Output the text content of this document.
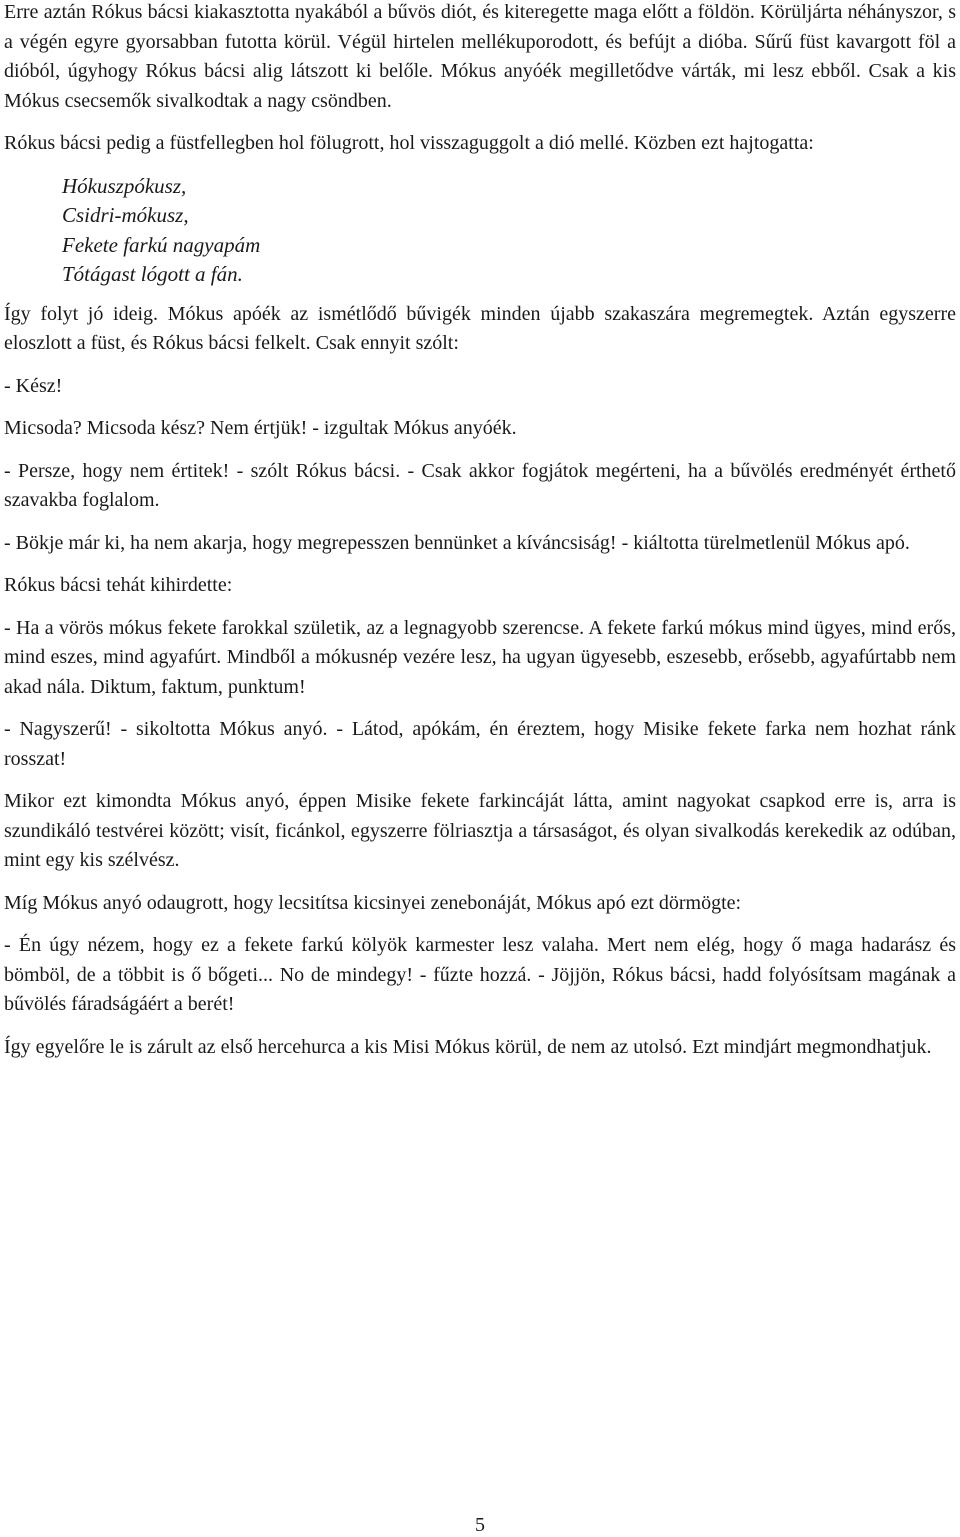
Erre aztán Rókus bácsi kiakasztotta nyakából a bűvös diót, és kiteregette maga előtt a földön. Körüljárta néhányszor, s a végén egyre gyorsabban futotta körül. Végül hirtelen mellékuporodott, és befújt a dióba. Sűrű füst kavargott föl a dióból, úgyhogy Rókus bácsi alig látszott ki belőle. Mókus anyóék megilletődve várták, mi lesz ebből. Csak a kis Mókus csecsemők sivalkodtak a nagy csöndben.

Rókus bácsi pedig a füstfellegben hol fölugrott, hol visszaguggolt a dió mellé. Közben ezt hajtogatta:

Hókuszpókusz,
Csidri-mókusz,
Fekete farkú nagyapám
Tótágast lógott a fán.

Így folyt jó ideig. Mókus apóék az ismétlődő bűvigék minden újabb szakaszára megremegtek. Aztán egyszerre eloszlott a füst, és Rókus bácsi felkelt. Csak ennyit szólt:

- Kész!

Micsoda? Micsoda kész? Nem értjük! - izgultak Mókus anyóék.

- Persze, hogy nem értitek! - szólt Rókus bácsi. - Csak akkor fogjátok megérteni, ha a bűvölés eredményét érthető szavakba foglalom.

- Bökje már ki, ha nem akarja, hogy megrepesszen bennünket a kíváncsiság! - kiáltotta türelmetlenül Mókus apó.

Rókus bácsi tehát kihirdette:

- Ha a vörös mókus fekete farokkal születik, az a legnagyobb szerencse. A fekete farkú mókus mind ügyes, mind erős, mind eszes, mind agyafúrt. Mindből a mókusnép vezére lesz, ha ugyan ügyesebb, eszesebb, erősebb, agyafúrtabb nem akad nála. Diktum, faktum, punktum!

- Nagyszerű! - sikoltotta Mókus anyó. - Látod, apókám, én éreztem, hogy Misike fekete farka nem hozhat ránk rosszat!

Mikor ezt kimondta Mókus anyó, éppen Misike fekete farkincáját látta, amint nagyokat csapkod erre is, arra is szundikáló testvérei között; visít, ficánkol, egyszerre fölriasztja a társaságot, és olyan sivalkodás kerekedik az odúban, mint egy kis szélvész.

Míg Mókus anyó odaugrott, hogy lecsitítsa kicsinyei zenebonáját, Mókus apó ezt dörmögte:

- Én úgy nézem, hogy ez a fekete farkú kölyök karmester lesz valaha. Mert nem elég, hogy ő maga hadarász és bömböl, de a többit is ő bőgeti... No de mindegy! - fűzte hozzá. - Jöjjön, Rókus bácsi, hadd folyósítsam magának a bűvölés fáradságáért a berét!

Így egyelőre le is zárult az első hercehurca a kis Misi Mókus körül, de nem az utolsó. Ezt mindjárt megmondhatjuk.

5
